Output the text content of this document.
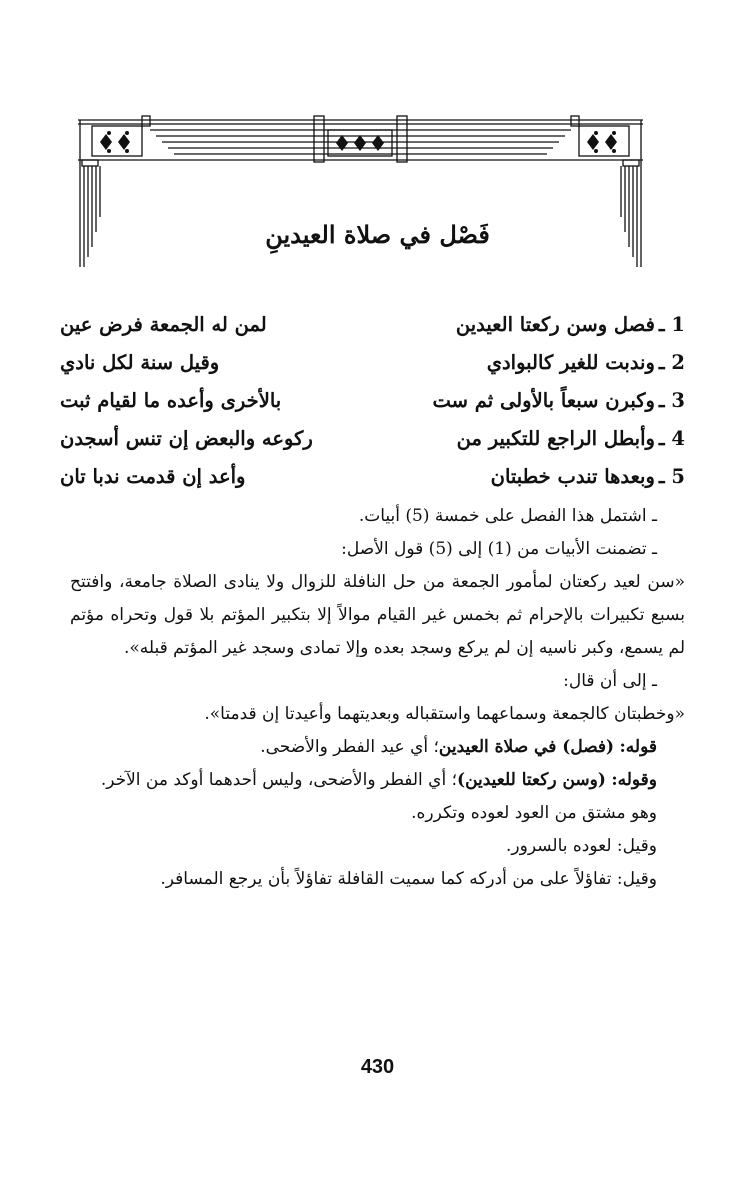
فَصْل في صلاة العيدينِ
1 ـفصل وسن ركعتا العيدين
لمن له الجمعة فرض عين
2 ـوندبت للغير كالبوادي
وقيل سنة لكل نادي
3 ـوكبرن سبعاً بالأولى ثم ست
بالأخرى وأعده ما لقيام ثبت
4 ـوأبطل الراجع للتكبير من
ركوعه والبعض إن تنس أسجدن
5 ـوبعدها تندب خطبتان
وأعد إن قدمت ندبا تان

ـ اشتمل هذا الفصل على خمسة (5) أبيات.

ـ تضمنت الأبيات من (1) إلى (5) قول الأصل:

«سن لعيد ركعتان لمأمور الجمعة من حل النافلة للزوال ولا ينادى الصلاة جامعة، وافتتح بسبع تكبيرات بالإحرام ثم بخمس غير القيام موالاً إلا بتكبير المؤتم بلا قول وتحراه مؤتم لم يسمع، وكبر ناسيه إن لم يركع وسجد بعده وإلا تمادى وسجد غير المؤتم قبله».

ـ إلى أن قال:

«وخطبتان كالجمعة وسماعهما واستقباله وبعديتهما وأعيدتا إن قدمتا».

قوله: (فصل) في صلاة العيدين؛ أي عيد الفطر والأضحى.

وقوله: (وسن ركعتا للعيدين)؛ أي الفطر والأضحى، وليس أحدهما أوكد من الآخر.

وهو مشتق من العود لعوده وتكرره.

وقيل: لعوده بالسرور.

وقيل: تفاؤلاً على من أدركه كما سميت القافلة تفاؤلاً بأن يرجع المسافر.

430
